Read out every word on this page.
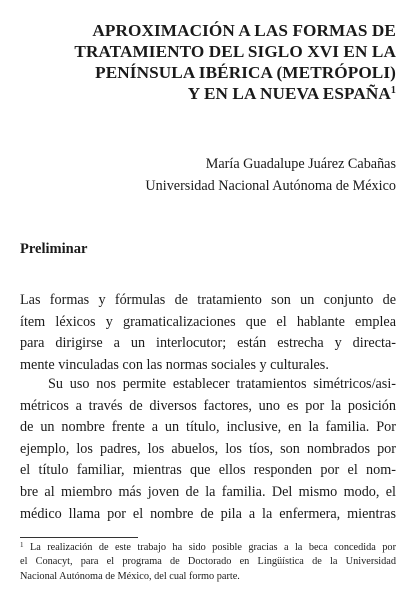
APROXIMACIÓN A LAS FORMAS DE
TRATAMIENTO DEL SIGLO XVI EN LA
PENÍNSULA IBÉRICA (METRÓPOLI)
Y EN LA NUEVA ESPAÑA$^1$
María Guadalupe Juárez Cabañas
Universidad Nacional Autónoma de México
Preliminar

Las formas y fórmulas de tratamiento son un conjunto de
ítem léxicos y gramaticalizaciones que el hablante emplea
para dirigirse a un interlocutor; están estrecha y directa-
mente vinculadas con las normas sociales y culturales.

Su uso nos permite establecer tratamientos simétricos/asi-
métricos a través de diversos factores, uno es por la posición
de un nombre frente a un título, inclusive, en la familia. Por
ejemplo, los padres, los abuelos, los tíos, son nombrados por
el título familiar, mientras que ellos responden por el nom-
bre al miembro más joven de la familia. Del mismo modo, el
médico llama por el nombre de pila a la enfermera, mientras

$^1$ La realización de este trabajo ha sido posible gracias a la beca concedida por
el Conacyt, para el programa de Doctorado en Lingüística de la Universidad
Nacional Autónoma de México, del cual formo parte.
